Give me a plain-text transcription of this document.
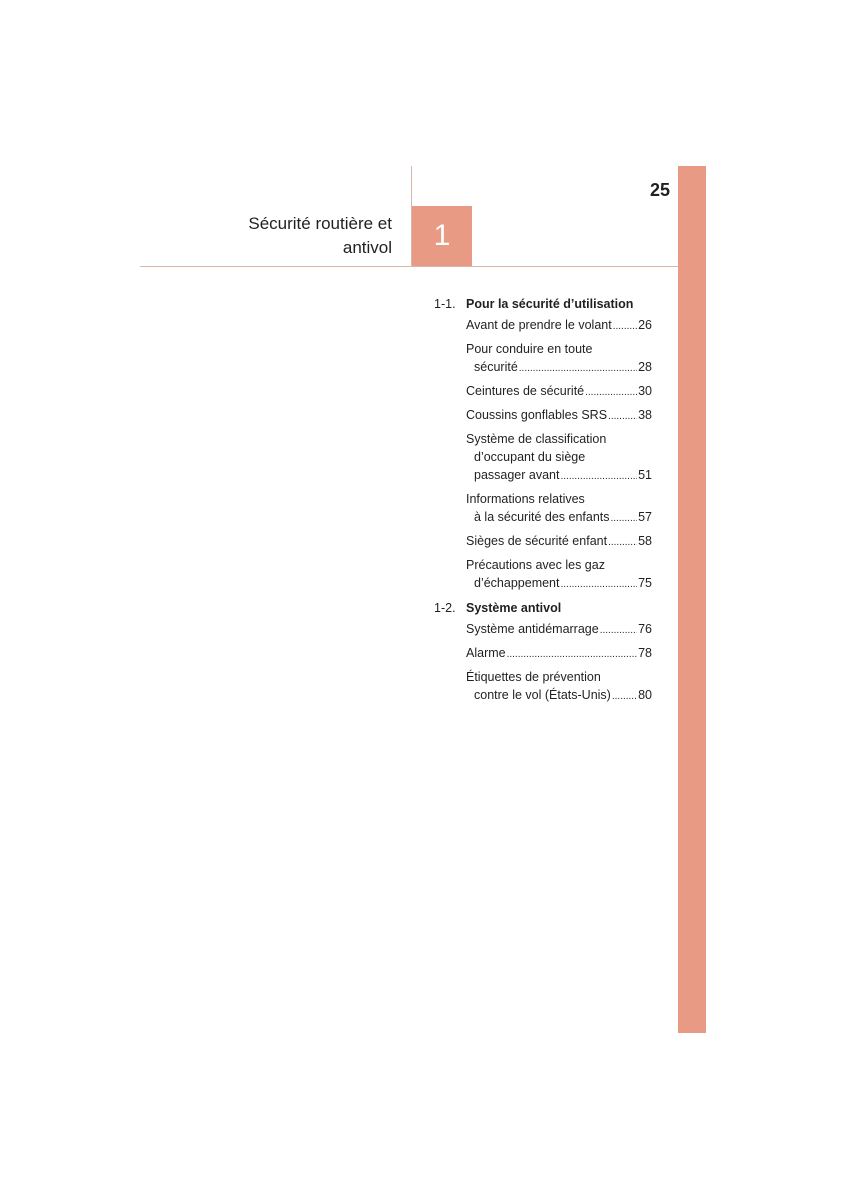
25
Sécurité routière et
antivol	1
1-1. Pour la sécurité d’utilisation
Avant de prendre le volant ..... 26
Pour conduire en toute
sécurité .....	28
Ceintures de sécurité .....	30
Coussins gonflables SRS ..... 38
Système de classification
d’occupant du siège
passager avant .....	51
Informations relatives
à la sécurité des enfants ..... 57
Sièges de sécurité enfant ..... 58
Précautions avec les gaz
d’échappement .....	75
1-2. Système antivol
Système antidémarrage .....	76
Alarme .....	78
Étiquettes de prévention
contre le vol (États-Unis) ..... 80
